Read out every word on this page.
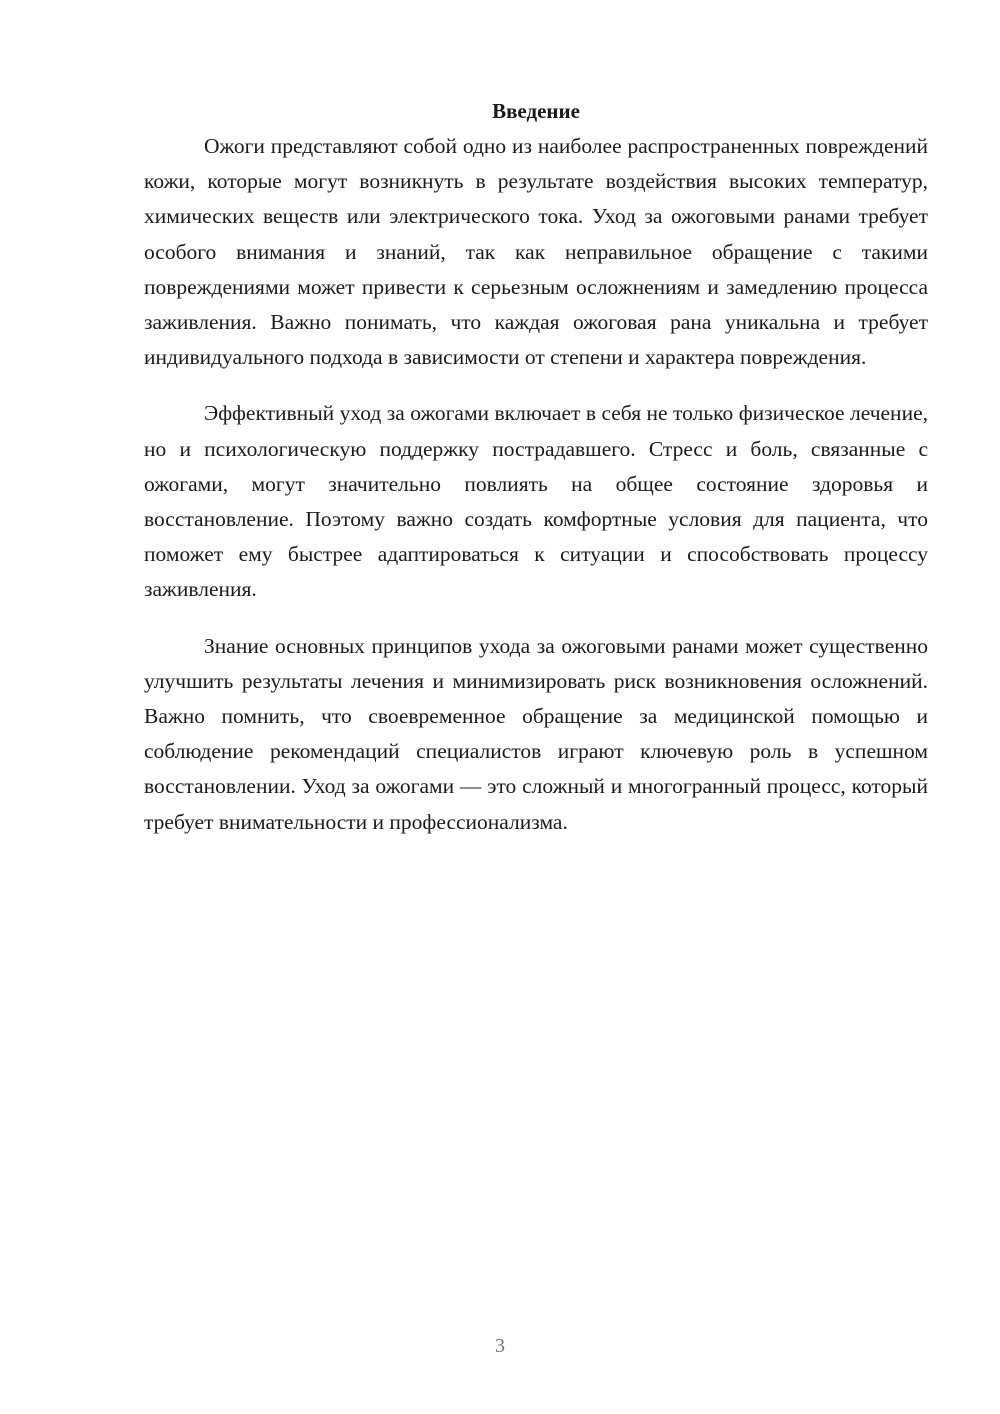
Введение

Ожоги представляют собой одно из наиболее распространенных повреждений кожи, которые могут возникнуть в результате воздействия высоких температур, химических веществ или электрического тока. Уход за ожоговыми ранами требует особого внимания и знаний, так как неправильное обращение с такими повреждениями может привести к серьезным осложнениям и замедлению процесса заживления. Важно понимать, что каждая ожоговая рана уникальна и требует индивидуального подхода в зависимости от степени и характера повреждения.

Эффективный уход за ожогами включает в себя не только физическое лечение, но и психологическую поддержку пострадавшего. Стресс и боль, связанные с ожогами, могут значительно повлиять на общее состояние здоровья и восстановление. Поэтому важно создать комфортные условия для пациента, что поможет ему быстрее адаптироваться к ситуации и способствовать процессу заживления.

Знание основных принципов ухода за ожоговыми ранами может существенно улучшить результаты лечения и минимизировать риск возникновения осложнений. Важно помнить, что своевременное обращение за медицинской помощью и соблюдение рекомендаций специалистов играют ключевую роль в успешном восстановлении. Уход за ожогами — это сложный и многогранный процесс, который требует внимательности и профессионализма.

3
